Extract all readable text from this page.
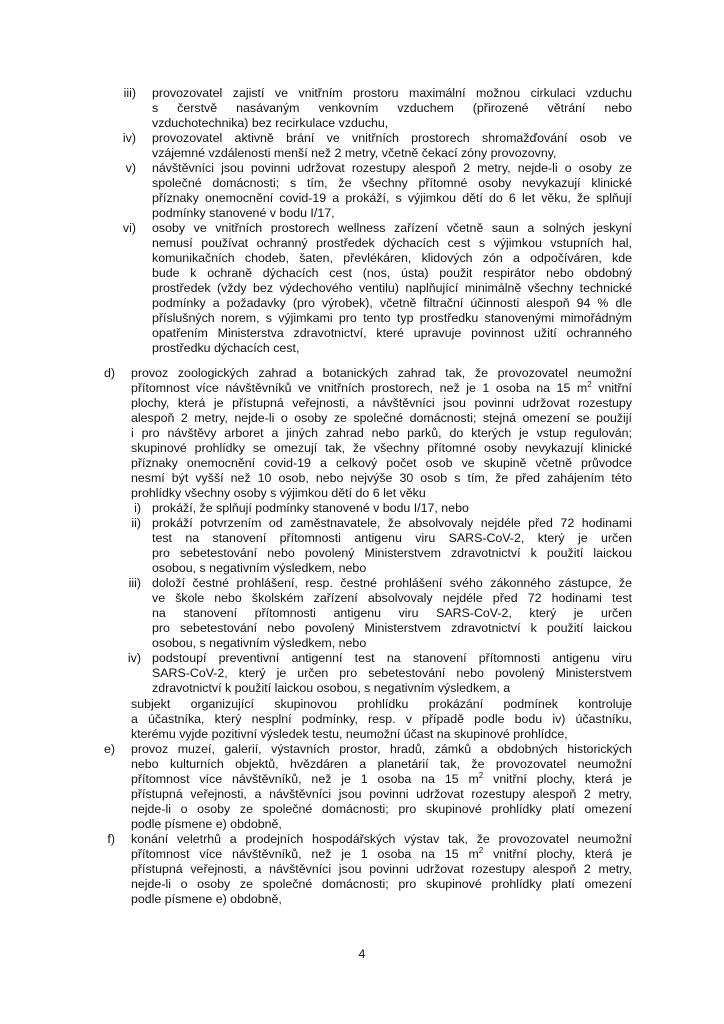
iii) provozovatel zajistí ve vnitřním prostoru maximální možnou cirkulaci vzduchu

s čerstvě nasávaným venkovním vzduchem (přirozené větrání nebo

vzduchotechnika) bez recirkulace vzduchu,

iv) provozovatel aktivně brání ve vnitřních prostorech shromažďování osob ve

vzájemné vzdálenosti menší než 2 metry, včetně čekací zóny provozovny,

v) návštěvníci jsou povinni udržovat rozestupy alespoň 2 metry, nejde-li o osoby ze

společné domácnosti; s tím, že všechny přítomné osoby nevykazují klinické

příznaky onemocnění covid-19 a prokáží, s výjimkou dětí do 6 let věku, že splňují

podmínky stanovené v bodu I/17,

vi) osoby ve vnitřních prostorech wellness zařízení včetně saun a solných jeskyní

nemusí používat ochranný prostředek dýchacích cest s výjimkou vstupních hal,

komunikačních chodeb, šaten, převlékáren, klidových zón a odpočíváren, kde

bude k ochraně dýchacích cest (nos, ústa) použit respirátor nebo obdobný

prostředek (vždy bez výdechového ventilu) naplňující minimálně všechny technické

podmínky a požadavky (pro výrobek), včetně filtrační účinnosti alespoň 94 % dle

příslušných norem, s výjimkami pro tento typ prostředku stanovenými mimořádným

opatřením Ministerstva zdravotnictví, které upravuje povinnost užití ochranného

prostředku dýchacích cest,

d) provoz zoologických zahrad a botanických zahrad tak, že provozovatel neumožní

přítomnost více návštěvníků ve vnitřních prostorech, než je 1 osoba na 15 $m^2$ vnitřní

plochy, která je přístupná veřejnosti, a návštěvníci jsou povinni udržovat rozestupy

alespoň 2 metry, nejde-li o osoby ze společné domácnosti; stejná omezení se použijí

i pro návštěvy arboret a jiných zahrad nebo parků, do kterých je vstup regulován;

skupinové prohlídky se omezují tak, že všechny přítomné osoby nevykazují klinické

příznaky onemocnění covid-19 a celkový počet osob ve skupině včetně průvodce

nesmí být vyšší než 10 osob, nebo nejvýše 30 osob s tím, že před zahájením této

prohlídky všechny osoby s výjimkou dětí do 6 let věku

i) prokáží, že splňují podmínky stanovené v bodu I/17, nebo

ii) prokáží potvrzením od zaměstnavatele, že absolvovaly nejdéle před 72 hodinami

test na stanovení přítomnosti antigenu viru SARS-CoV-2, který je určen

pro sebetestování nebo povolený Ministerstvem zdravotnictví k použití laickou

osobou, s negativním výsledkem, nebo

iii) doloží čestné prohlášení, resp. čestné prohlášení svého zákonného zástupce, že

ve škole nebo školském zařízení absolvovaly nejdéle před 72 hodinami test

na stanovení přítomnosti antigenu viru SARS-CoV-2, který je určen

pro sebetestování nebo povolený Ministerstvem zdravotnictví k použití laickou

osobou, s negativním výsledkem, nebo

iv) podstoupí preventivní antigenní test na stanovení přítomnosti antigenu viru

SARS-CoV-2, který je určen pro sebetestování nebo povolený Ministerstvem

zdravotnictví k použití laickou osobou, s negativním výsledkem, a

subjekt organizující skupinovou prohlídku prokázání podmínek kontroluje

a účastníka, který nesplní podmínky, resp. v případě podle bodu iv) účastníku,

kterému vyjde pozitivní výsledek testu, neumožní účast na skupinové prohlídce,

e) provoz muzeí, galerií, výstavních prostor, hradů, zámků a obdobných historických

nebo kulturních objektů, hvězdáren a planetárií tak, že provozovatel neumožní

přítomnost více návštěvníků, než je 1 osoba na 15 $m^2$ vnitřní plochy, která je

přístupná veřejnosti, a návštěvníci jsou povinni udržovat rozestupy alespoň 2 metry,

nejde-li o osoby ze společné domácnosti; pro skupinové prohlídky platí omezení

podle písmene e) obdobně,

f) konání veletrhů a prodejních hospodářských výstav tak, že provozovatel neumožní

přítomnost více návštěvníků, než je 1 osoba na 15 $m^2$ vnitřní plochy, která je

přístupná veřejnosti, a návštěvníci jsou povinni udržovat rozestupy alespoň 2 metry,

nejde-li o osoby ze společné domácnosti; pro skupinové prohlídky platí omezení

podle písmene e) obdobně,

4
